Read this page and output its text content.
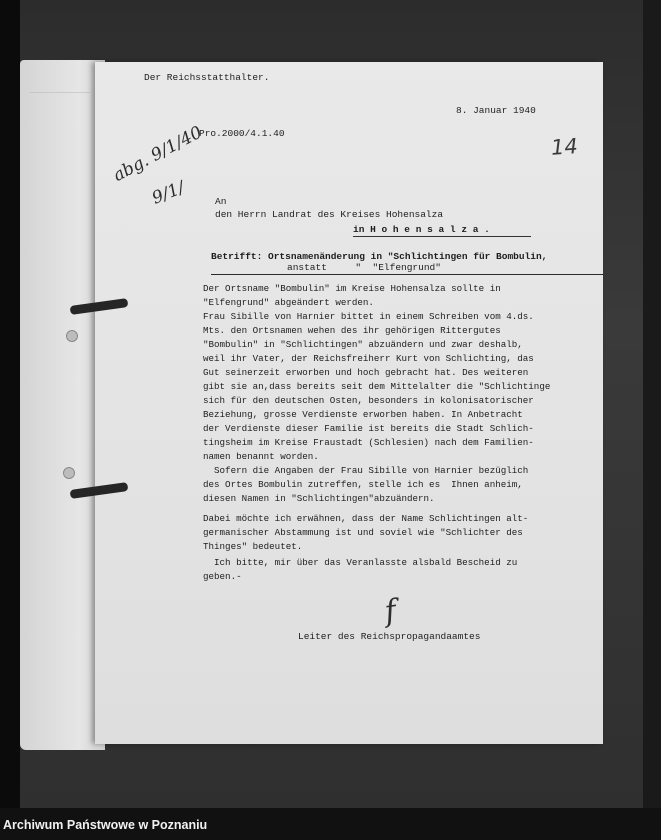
Der Reichsstatthalter.
8. Januar 1940
Pro.2000/4.1.40
14
abg. 9/1/40
9/1/	An
den Herrn Landrat des Kreises Hohensalza
in H o h e n s a l z a .
Betrifft: Ortsnamenänderung in "Schlichtingen für Bombulin,
anstatt     "  "Elfengrund"
Der Ortsname "Bombulin" im Kreise Hohensalza sollte in
"Elfengrund" abgeändert werden.
Frau Sibille von Harnier bittet in einem Schreiben vom 4.ds.
Mts. den Ortsnamen wehen des ihr gehörigen Rittergutes
"Bombulin" in "Schlichtingen" abzuändern und zwar deshalb,
weil ihr Vater, der Reichsfreiherr Kurt von Schlichting, das
Gut seinerzeit erworben und hoch gebracht hat. Des weiteren
gibt sie an,dass bereits seit dem Mittelalter die "Schlichtinge
sich für den deutschen Osten, besonders in kolonisatorischer
Beziehung, grosse Verdienste erworben haben. In Anbetracht
der Verdienste dieser Familie ist bereits die Stadt Schlich-
tingsheim im Kreise Fraustadt (Schlesien) nach dem Familien-
namen benannt worden.
Sofern die Angaben der Frau Sibille von Harnier bezüglich
des Ortes Bombulin zutreffen, stelle ich es  Ihnen anheim,
diesen Namen in "Schlichtingen"abzuändern.
Dabei möchte ich erwähnen, dass der Name Schlichtingen alt-
germanischer Abstammung ist und soviel wie "Schlichter des
Thinges" bedeutet.
Ich bitte, mir über das Veranlasste alsbald Bescheid zu
geben.-
f
Leiter des Reichspropagandaamtes
Archiwum Państwowe w Poznaniu
